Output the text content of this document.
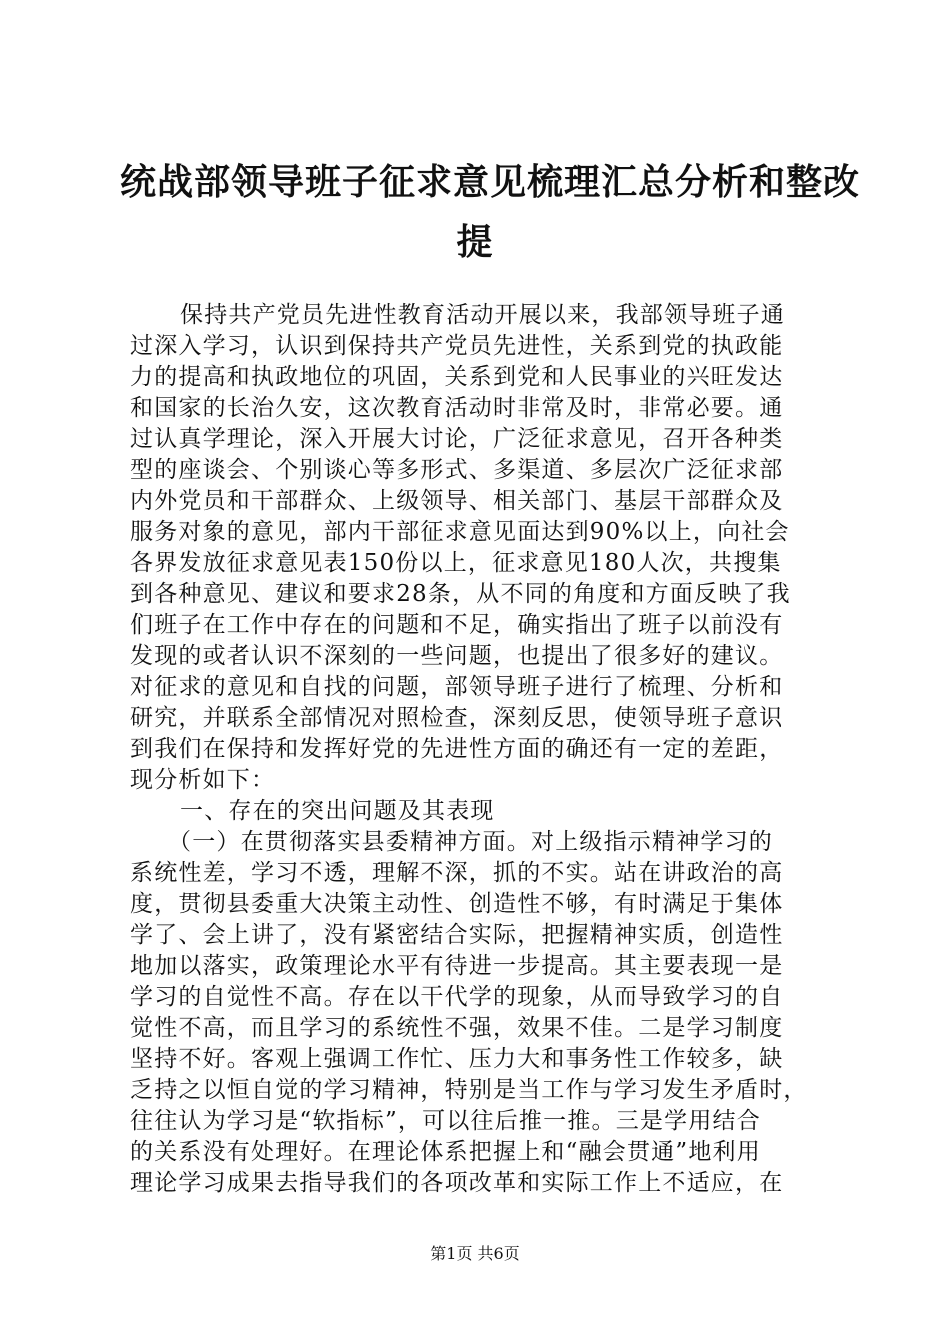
统战部领导班子征求意见梳理汇总分析和整改
提
保持共产党员先进性教育活动开展以来，我部领导班子通
过深入学习，认识到保持共产党员先进性，关系到党的执政能
力的提高和执政地位的巩固，关系到党和人民事业的兴旺发达
和国家的长治久安，这次教育活动时非常及时，非常必要。通
过认真学理论，深入开展大讨论，广泛征求意见，召开各种类
型的座谈会、个别谈心等多形式、多渠道、多层次广泛征求部
内外党员和干部群众、上级领导、相关部门、基层干部群众及
服务对象的意见，部内干部征求意见面达到90%以上，向社会
各界发放征求意见表150份以上，征求意见180人次，共搜集
到各种意见、建议和要求28条，从不同的角度和方面反映了我
们班子在工作中存在的问题和不足，确实指出了班子以前没有
发现的或者认识不深刻的一些问题，也提出了很多好的建议。
对征求的意见和自找的问题，部领导班子进行了梳理、分析和
研究，并联系全部情况对照检查，深刻反思，使领导班子意识
到我们在保持和发挥好党的先进性方面的确还有一定的差距，
现分析如下：
一、存在的突出问题及其表现
（一）在贯彻落实县委精神方面。对上级指示精神学习的
系统性差，学习不透，理解不深，抓的不实。站在讲政治的高
度，贯彻县委重大决策主动性、创造性不够，有时满足于集体
学了、会上讲了，没有紧密结合实际，把握精神实质，创造性
地加以落实，政策理论水平有待进一步提高。其主要表现一是
学习的自觉性不高。存在以干代学的现象，从而导致学习的自
觉性不高，而且学习的系统性不强，效果不佳。二是学习制度
坚持不好。客观上强调工作忙、压力大和事务性工作较多，缺
乏持之以恒自觉的学习精神，特别是当工作与学习发生矛盾时，
往往认为学习是“软指标”，可以往后推一推。三是学用结合
的关系没有处理好。在理论体系把握上和“融会贯通”地利用
理论学习成果去指导我们的各项改革和实际工作上不适应，在
第1页 共6页
